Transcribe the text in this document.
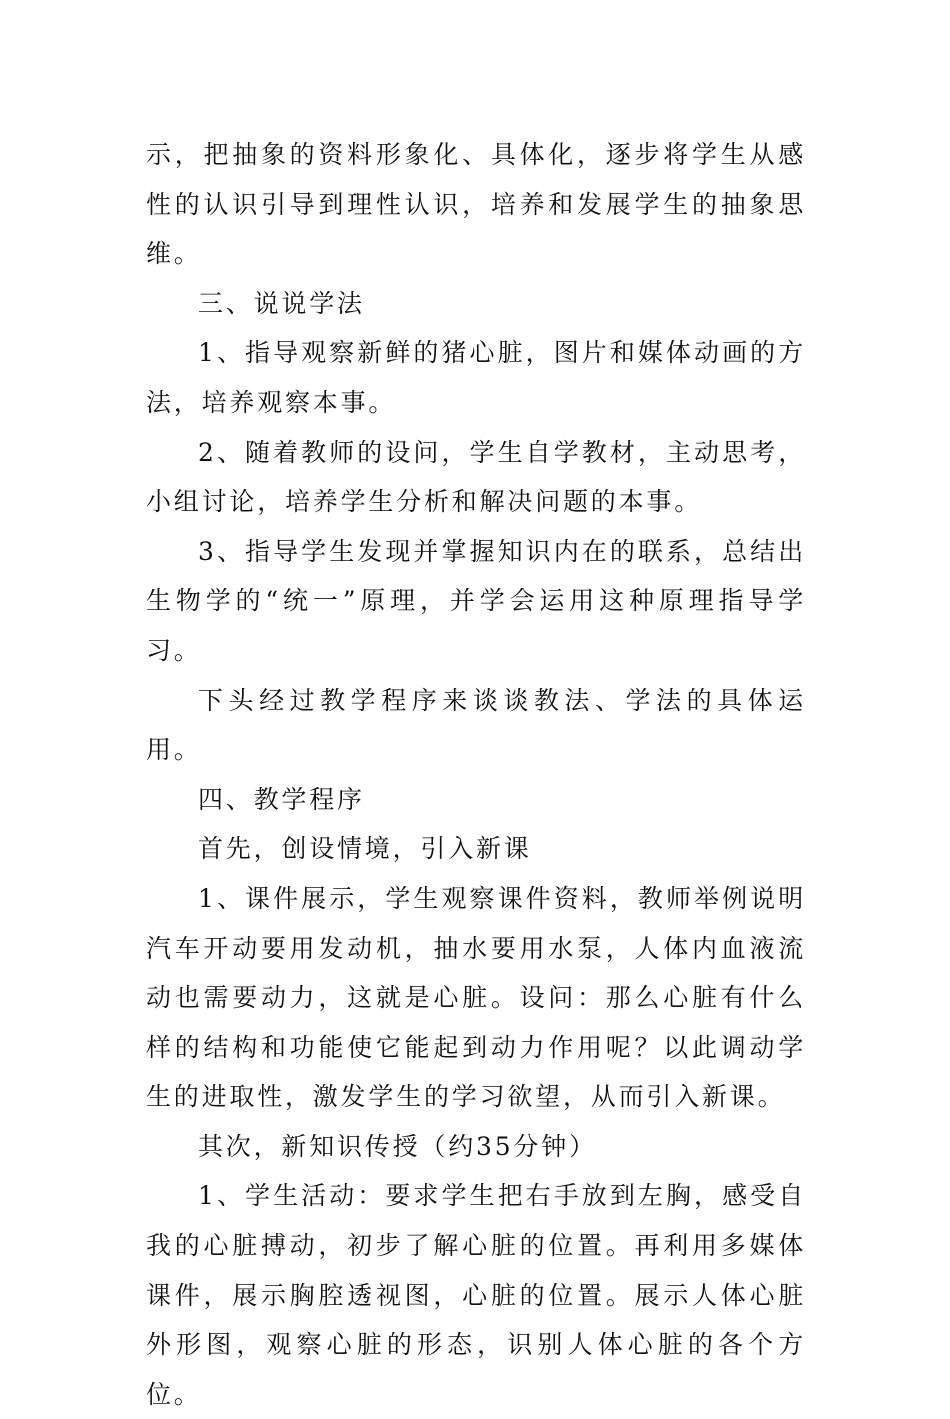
示，把抽象的资料形象化、具体化，逐步将学生从感性的认识引导到理性认识，培养和发展学生的抽象思维。

三、说说学法

1、指导观察新鲜的猪心脏，图片和媒体动画的方法，培养观察本事。

2、随着教师的设问，学生自学教材，主动思考，小组讨论，培养学生分析和解决问题的本事。

3、指导学生发现并掌握知识内在的联系，总结出生物学的“统一”原理，并学会运用这种原理指导学习。

下头经过教学程序来谈谈教法、学法的具体运用。

四、教学程序

首先，创设情境，引入新课

1、课件展示，学生观察课件资料，教师举例说明汽车开动要用发动机，抽水要用水泵，人体内血液流动也需要动力，这就是心脏。设问：那么心脏有什么样的结构和功能使它能起到动力作用呢？以此调动学生的进取性，激发学生的学习欲望，从而引入新课。

其次，新知识传授（约35分钟）

1、学生活动：要求学生把右手放到左胸，感受自我的心脏搏动，初步了解心脏的位置。再利用多媒体课件，展示胸腔透视图，心脏的位置。展示人体心脏外形图，观察心脏的形态，识别人体心脏的各个方位。
